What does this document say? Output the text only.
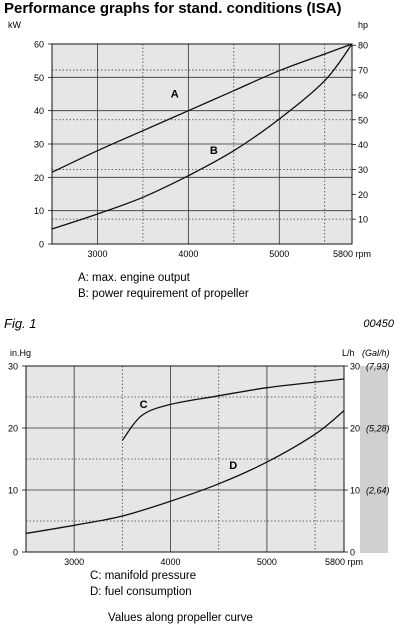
Performance graphs for stand. conditions (ISA)
0
10
20
30
40
50
60
kW
10
20
30
40
50
60
70
80
hp
3000	4000	5000	5800 rpm
A
B
A: max. engine output
B: power requirement of propeller
Fig. 1	00450
0
10
20
30
in.Hg
0
10
20
30
L/h (Gal/h)
(2,64)
(5,28)
(7,93)
3000	4000	5000	5800 rpm
C
D
C: manifold pressure
D: fuel consumption
Values along propeller curve
